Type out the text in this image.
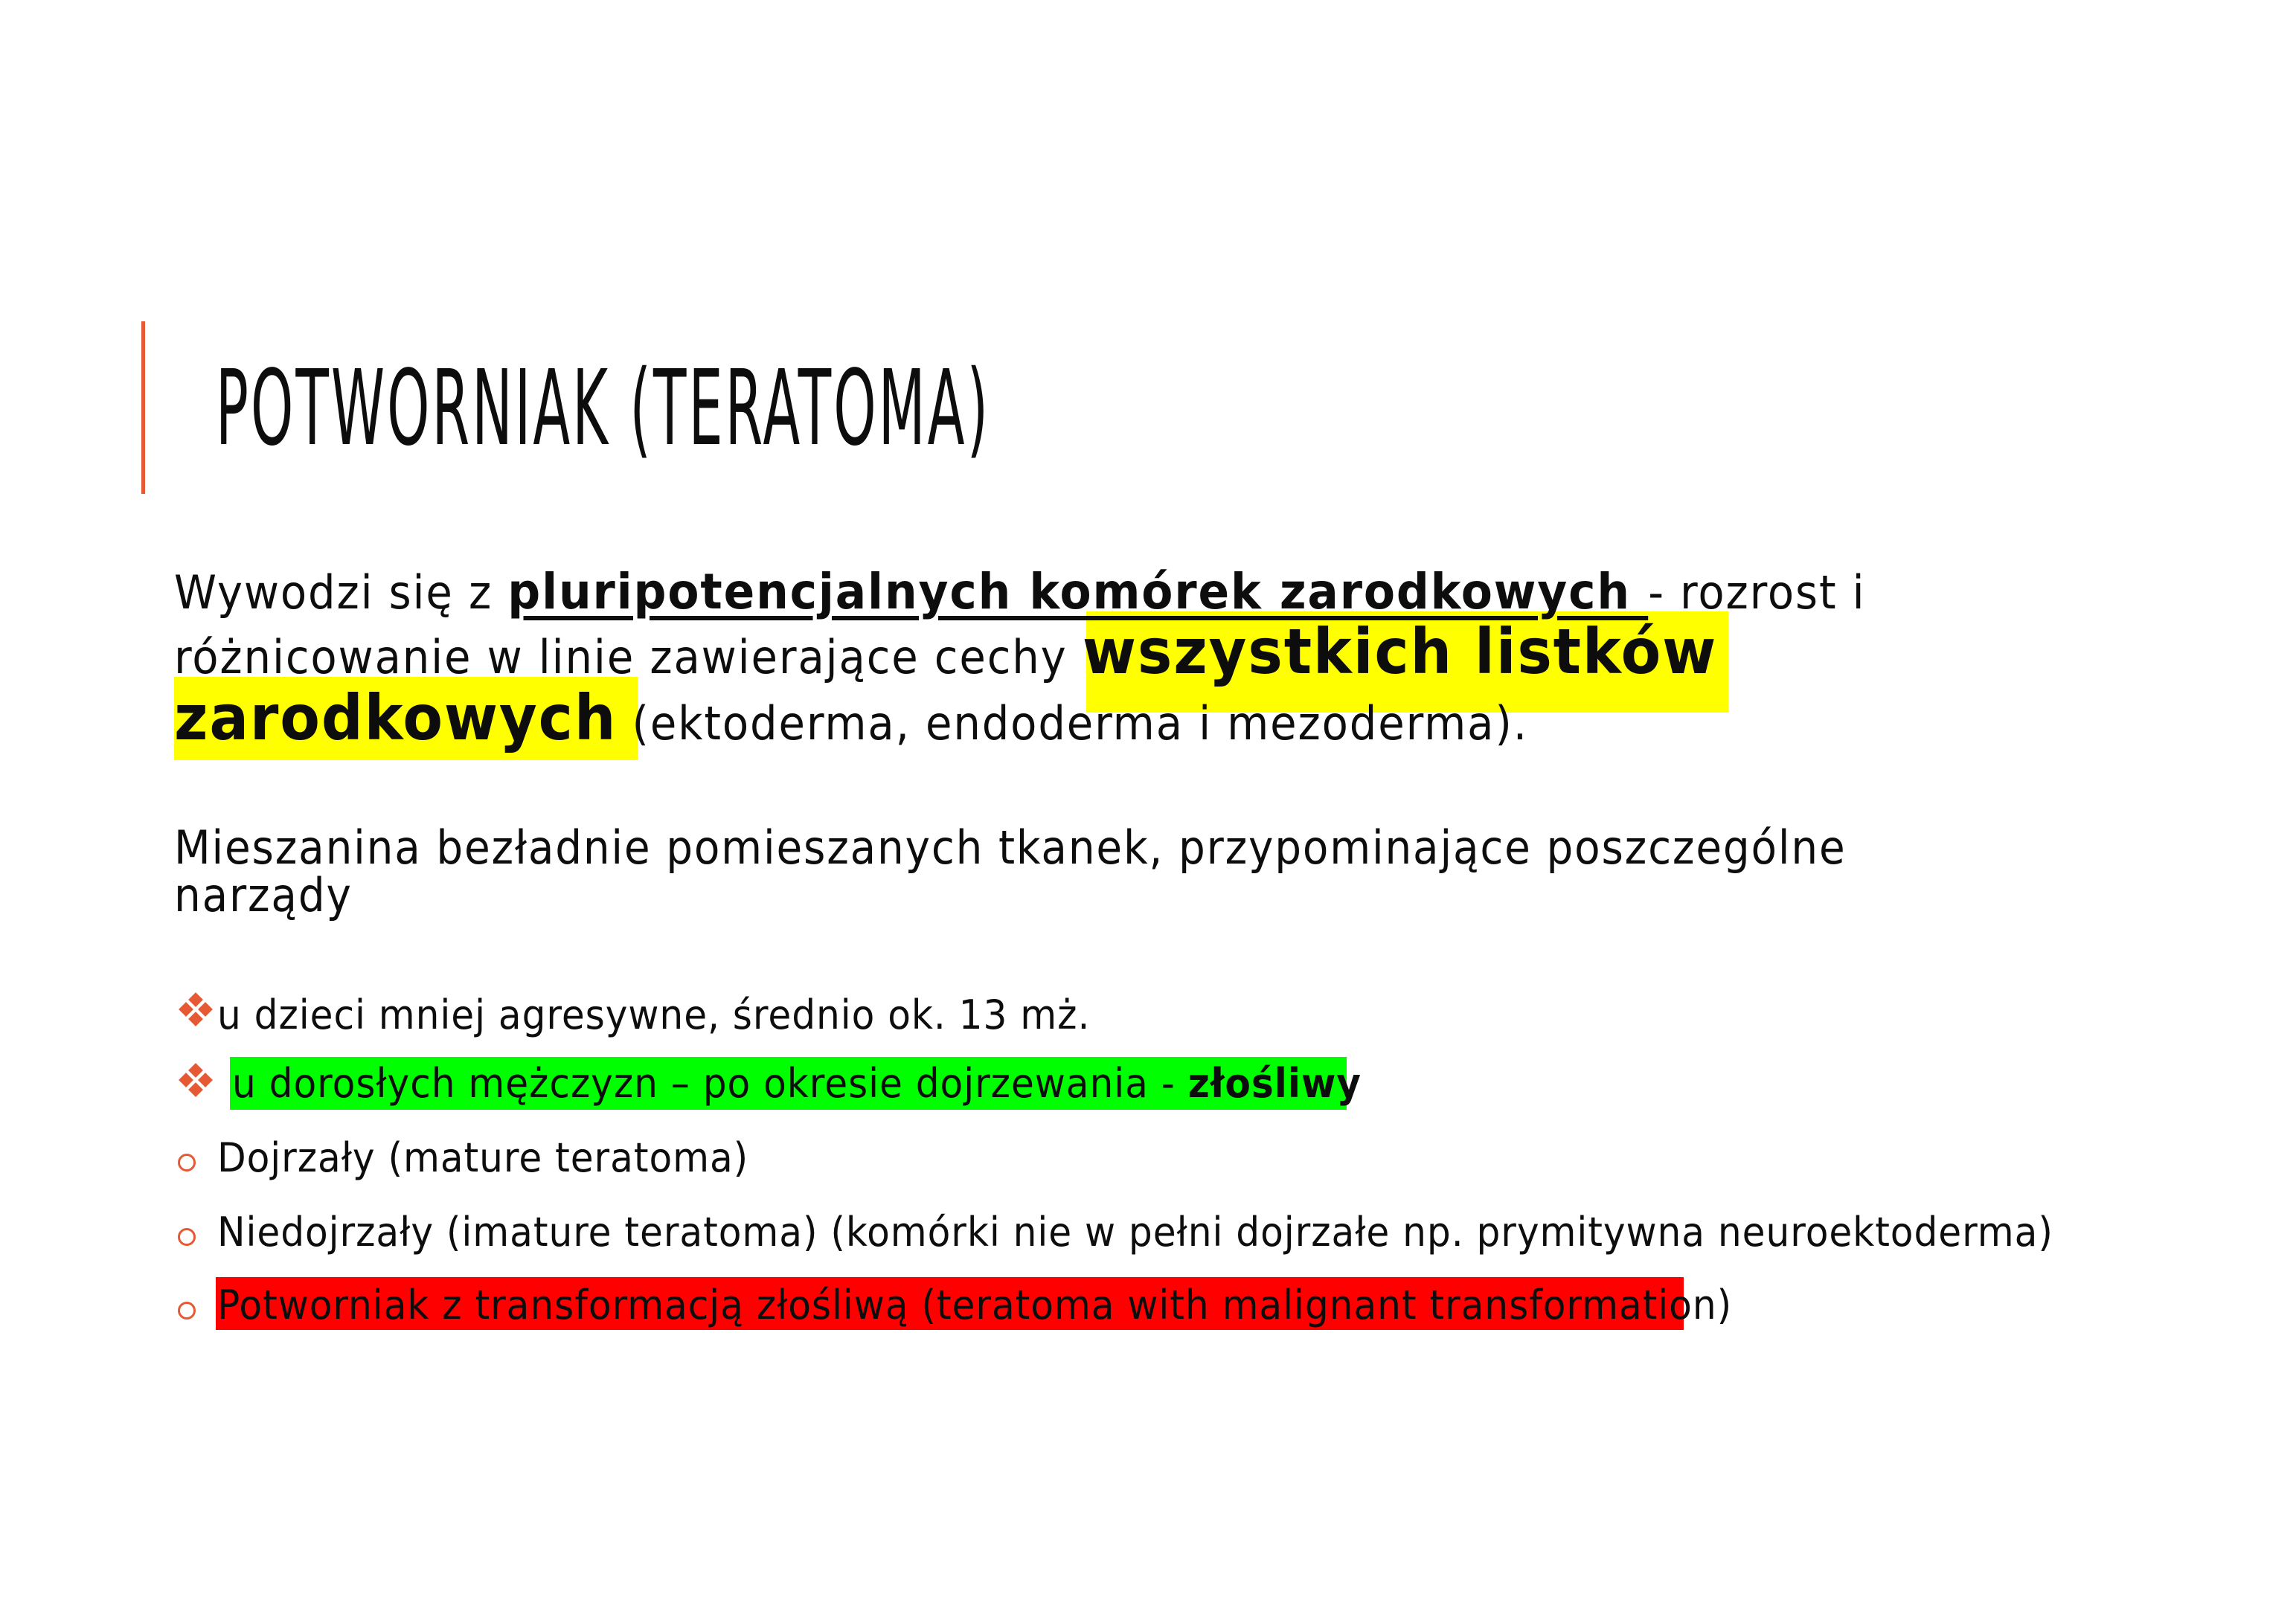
POTWORNIAK (TERATOMA)
Wywodzi się z pluripotencjalnych komórek zarodkowych - rozrost i
różnicowanie w linie zawierające cechy wszystkich listków
zarodkowych (ektoderma, endoderma i mezoderma).
Mieszanina bezładnie pomieszanych tkanek, przypominające poszczególne
narządy
u dzieci mniej agresywne, średnio ok. 13 mż.
u dorosłych mężczyzn – po okresie dojrzewania - złośliwy
Dojrzały (mature teratoma)
Niedojrzały (imature teratoma) (komórki nie w pełni dojrzałe np. prymitywna neuroektoderma)
Potworniak z transformacją złośliwą (teratoma with malignant transformation)
